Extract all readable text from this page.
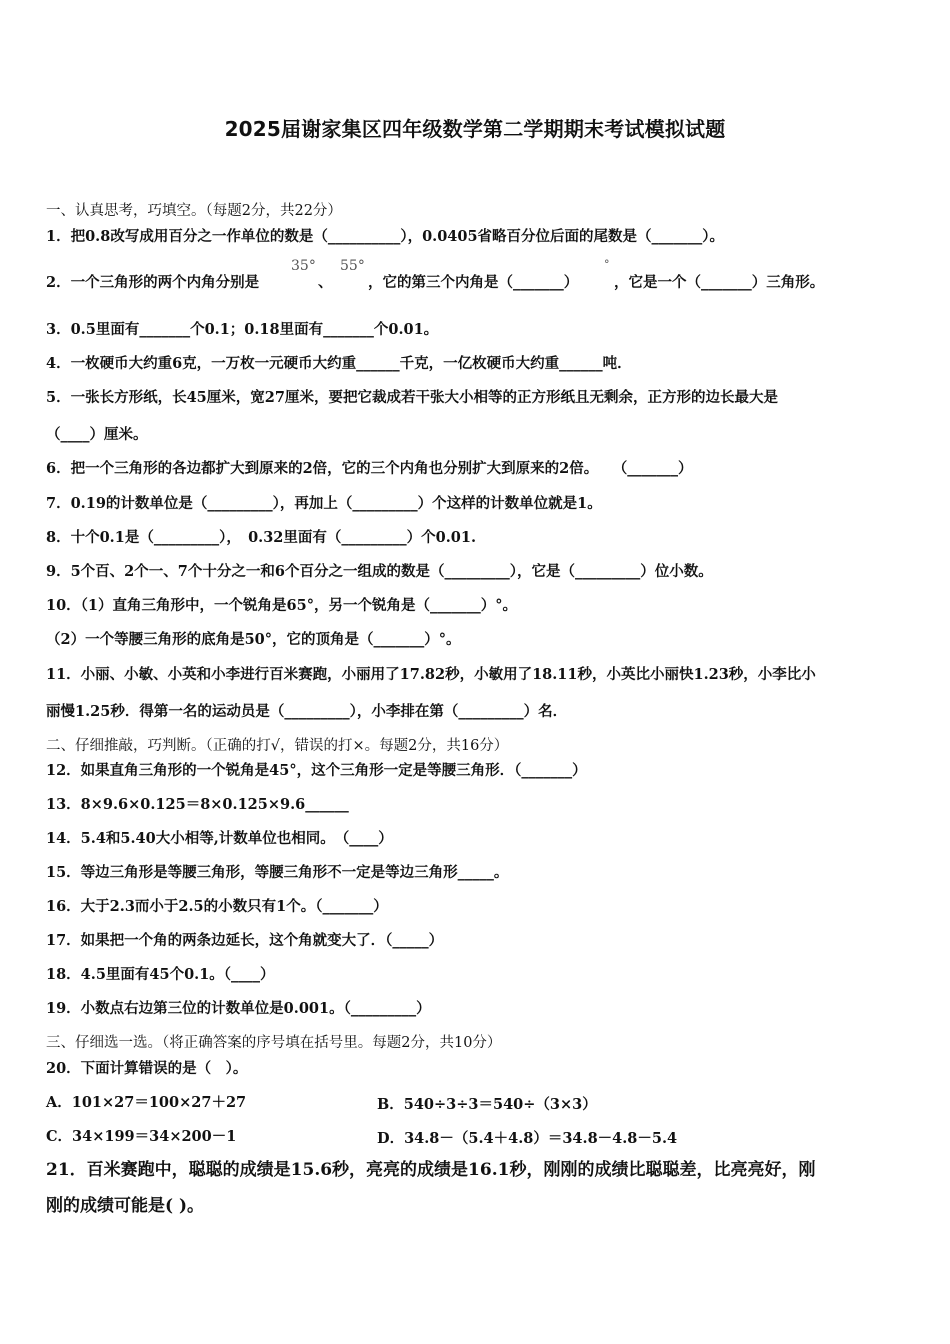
2025届谢家集区四年级数学第二学期期末考试模拟试题
一、认真思考，巧填空。（每题2分，共22分）
1．把0.8改写成用百分之一作单位的数是（__________），0.0405省略百分位后面的尾数是（_______）。
2．一个三角形的两个内角分别是
35°
、
55°
，它的第三个内角是（_______）
°
，它是一个（_______）三角形。
3．0.5里面有_______个0.1；0.18里面有_______个0.01。
4．一枚硬币大约重6克，一万枚一元硬币大约重______千克，一亿枚硬币大约重______吨．
5．一张长方形纸，长45厘米，宽27厘米，要把它裁成若干张大小相等的正方形纸且无剩余，正方形的边长最大是
（____）厘米。
6．把一个三角形的各边都扩大到原来的2倍，它的三个内角也分别扩大到原来的2倍。　　（_______）
7．0.19的计数单位是（_________），再加上（_________）个这样的计数单位就是1。
8．十个0.1是（_________），　0.32里面有（_________）个0.01.
9．5个百、2个一、7个十分之一和6个百分之一组成的数是（_________），它是（_________）位小数。
10．（1）直角三角形中，一个锐角是65°，另一个锐角是（_______）°。
（2）一个等腰三角形的底角是50°，它的顶角是（_______）°。
11．小丽、小敏、小英和小李进行百米赛跑，小丽用了17.82秒，小敏用了18.11秒，小英比小丽快1.23秒，小李比小
丽慢1.25秒．得第一名的运动员是（_________），小李排在第（_________）名．
二、仔细推敲，巧判断。（正确的打√，错误的打×。每题2分，共16分）
12．如果直角三角形的一个锐角是45°，这个三角形一定是等腰三角形．（_______）
13．8×9.6×0.125＝8×0.125×9.6______
14．5.4和5.40大小相等,计数单位也相同。　（____）
15．等边三角形是等腰三角形，等腰三角形不一定是等边三角形_____。
16．大于2.3而小于2.5的小数只有1个。（_______）
17．如果把一个角的两条边延长，这个角就变大了．（_____）
18．4.5里面有45个0.1。（____）
19．小数点右边第三位的计数单位是0.001。（_________）
三、仔细选一选。（将正确答案的序号填在括号里。每题2分，共10分）
20．下面计算错误的是（　）。
A．101×27＝100×27＋27	B．540÷3÷3＝540÷（3×3）
C．34×199＝34×200－1	D．34.8－（5.4＋4.8）＝34.8－4.8－5.4
21．百米赛跑中，聪聪的成绩是15.6秒，亮亮的成绩是16.1秒，刚刚的成绩比聪聪差，比亮亮好，刚
刚的成绩可能是( )。
